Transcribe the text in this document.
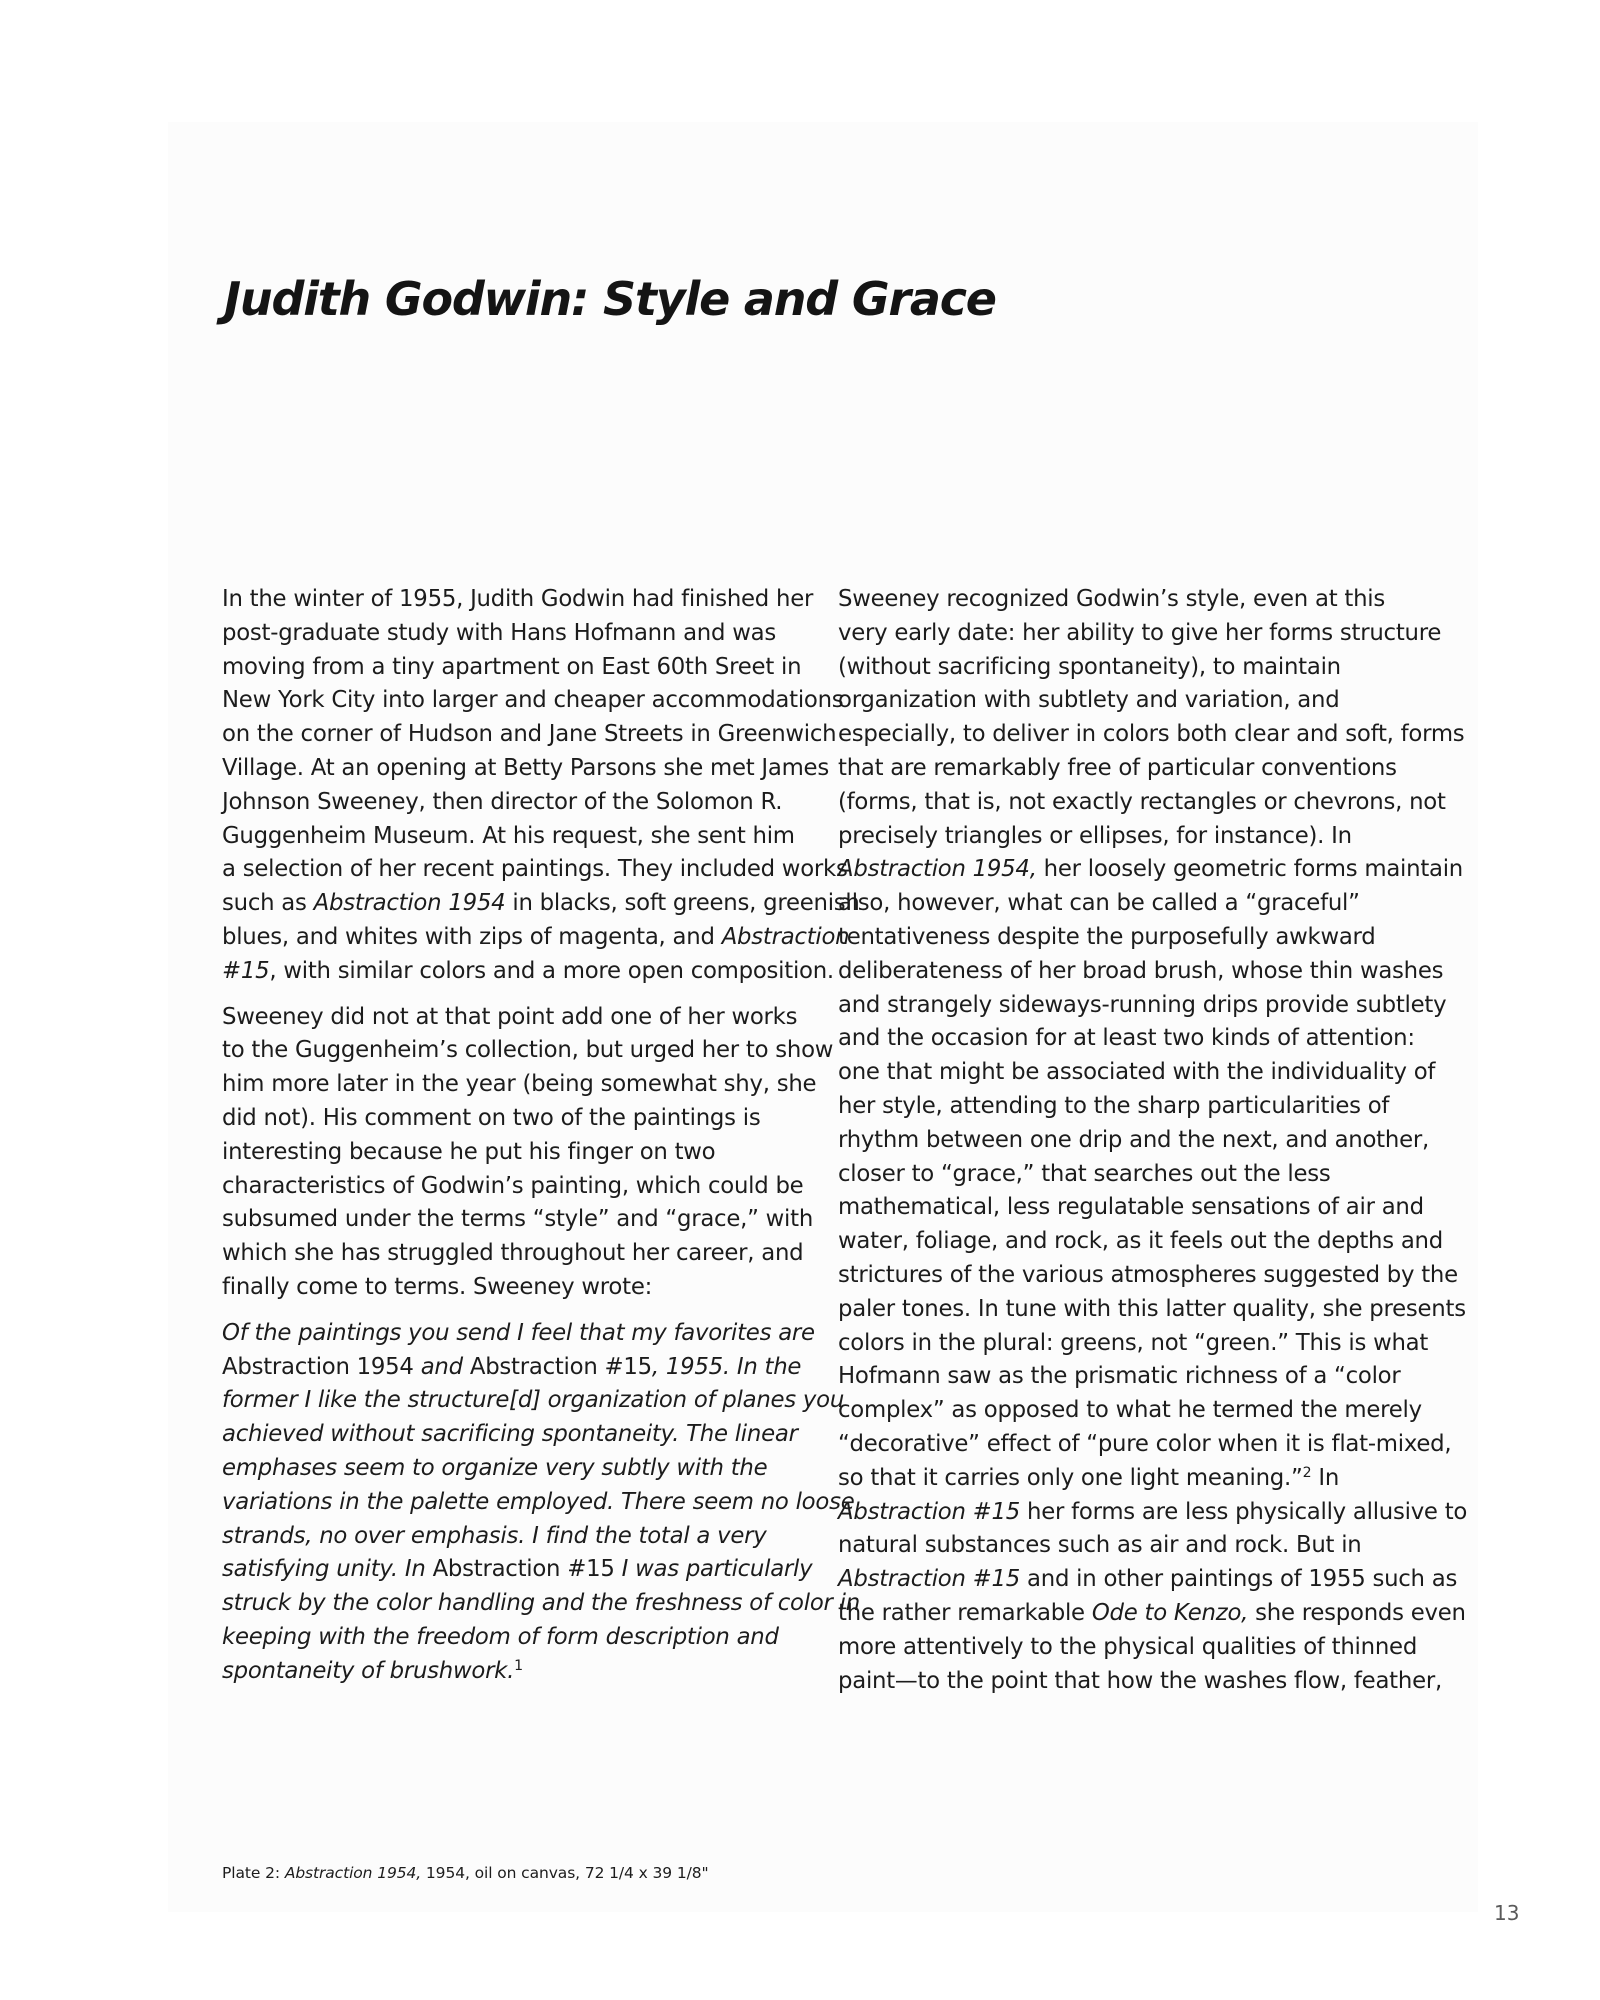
Judith Godwin: Style and Grace
In the winter of 1955, Judith Godwin had finished her
post-graduate study with Hans Hofmann and was
moving from a tiny apartment on East 60th Sreet in
New York City into larger and cheaper accommodations
on the corner of Hudson and Jane Streets in Greenwich
Village. At an opening at Betty Parsons she met James
Johnson Sweeney, then director of the Solomon R.
Guggenheim Museum. At his request, she sent him
a selection of her recent paintings. They included works
such as Abstraction 1954 in blacks, soft greens, greenish
blues, and whites with zips of magenta, and Abstraction
#15, with similar colors and a more open composition.
Sweeney did not at that point add one of her works
to the Guggenheim’s collection, but urged her to show
him more later in the year (being somewhat shy, she
did not). His comment on two of the paintings is
interesting because he put his finger on two
characteristics of Godwin’s painting, which could be
subsumed under the terms “style” and “grace,” with
which she has struggled throughout her career, and
finally come to terms. Sweeney wrote:
Of the paintings you send I feel that my favorites are
Abstraction 1954 and Abstraction #15, 1955. In the
former I like the structure[d] organization of planes you
achieved without sacrificing spontaneity. The linear
emphases seem to organize very subtly with the
variations in the palette employed. There seem no loose
strands, no over emphasis. I find the total a very
satisfying unity. In Abstraction #15 I was particularly
struck by the color handling and the freshness of color in
keeping with the freedom of form description and
spontaneity of brushwork.$^1$
Sweeney recognized Godwin’s style, even at this
very early date: her ability to give her forms structure
(without sacrificing spontaneity), to maintain
organization with subtlety and variation, and
especially, to deliver in colors both clear and soft, forms
that are remarkably free of particular conventions
(forms, that is, not exactly rectangles or chevrons, not
precisely triangles or ellipses, for instance). In
Abstraction 1954, her loosely geometric forms maintain
also, however, what can be called a “graceful”
tentativeness despite the purposefully awkward
deliberateness of her broad brush, whose thin washes
and strangely sideways-running drips provide subtlety
and the occasion for at least two kinds of attention:
one that might be associated with the individuality of
her style, attending to the sharp particularities of
rhythm between one drip and the next, and another,
closer to “grace,” that searches out the less
mathematical, less regulatable sensations of air and
water, foliage, and rock, as it feels out the depths and
strictures of the various atmospheres suggested by the
paler tones. In tune with this latter quality, she presents
colors in the plural: greens, not “green.” This is what
Hofmann saw as the prismatic richness of a “color
complex” as opposed to what he termed the merely
“decorative” effect of “pure color when it is flat-mixed,
so that it carries only one light meaning.”$^2$ In
Abstraction #15 her forms are less physically allusive to
natural substances such as air and rock. But in
Abstraction #15 and in other paintings of 1955 such as
the rather remarkable Ode to Kenzo, she responds even
more attentively to the physical qualities of thinned
paint—to the point that how the washes flow, feather,
Plate 2: Abstraction 1954, 1954, oil on canvas, 72 1/4 x 39 1/8"
13
